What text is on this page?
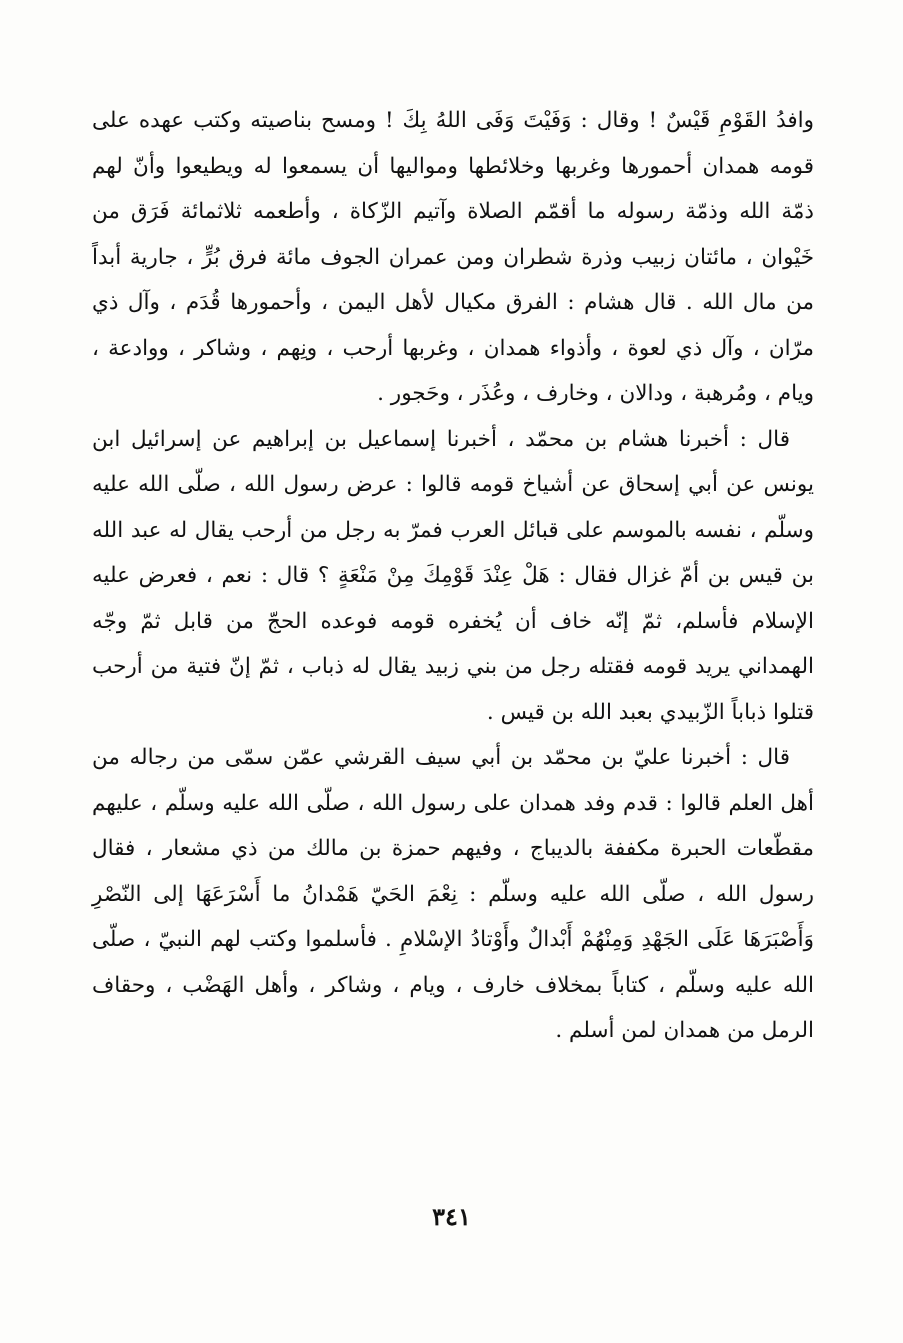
وافدُ القَوْمِ قَيْسٌ ! وقال : وَفَيْتَ وَفَى اللهُ بِكَ ! ومسح بناصيته وكتب عهده على قومه همدان أحمورها وغربها وخلائطها ومواليها أن يسمعوا له ويطيعوا وأنّ لهم ذمّة الله وذمّة رسوله ما أقمّم الصلاة وآتيم الزّكاة ، وأطعمه ثلاثمائة فَرَق من خَيْوان ، مائتان زبيب وذرة شطران ومن عمران الجوف مائة فرق بُرٍّ ، جارية أبداً من مال الله . قال هشام : الفرق مكيال لأهل اليمن ، وأحمورها قُدَم ، وآل ذي مرّان ، وآل ذي لعوة ، وأذواء همدان ، وغربها أرحب ، ونِهم ، وشاكر ، ووادعة ، ويام ، ومُرهبة ، ودالان ، وخارف ، وعُذَر ، وحَجور .

قال : أخبرنا هشام بن محمّد ، أخبرنا إسماعيل بن إبراهيم عن إسرائيل ابن يونس عن أبي إسحاق عن أشياخ قومه قالوا : عرض رسول الله ، صلّى الله عليه وسلّم ، نفسه بالموسم على قبائل العرب فمرّ به رجل من أرحب يقال له عبد الله بن قيس بن أمّ غزال فقال : هَلْ عِنْدَ قَوْمِكَ مِنْ مَنْعَةٍ ؟ قال : نعم ، فعرض عليه الإسلام فأسلم، ثمّ إنّه خاف أن يُخفره قومه فوعده الحجّ من قابل ثمّ وجّه الهمداني يريد قومه فقتله رجل من بني زبيد يقال له ذباب ، ثمّ إنّ فتية من أرحب قتلوا ذباباً الزّبيدي بعبد الله بن قيس .

قال : أخبرنا عليّ بن محمّد بن أبي سيف القرشي عمّن سمّى من رجاله من أهل العلم قالوا : قدم وفد همدان على رسول الله ، صلّى الله عليه وسلّم ، عليهم مقطّعات الحبرة مكففة بالديباج ، وفيهم حمزة بن مالك من ذي مشعار ، فقال رسول الله ، صلّى الله عليه وسلّم : نِعْمَ الحَيّ هَمْدانُ ما أَسْرَعَهَا إلى النّصْرِ وَأَصْبَرَهَا عَلَى الجَهْدِ وَمِنْهُمْ أَبْدالٌ وأَوْتادُ الإسْلامِ . فأسلموا وكتب لهم النبيّ ، صلّى الله عليه وسلّم ، كتاباً بمخلاف خارف ، ويام ، وشاكر ، وأهل الهَضْب ، وحقاف الرمل من همدان لمن أسلم .

٣٤١
